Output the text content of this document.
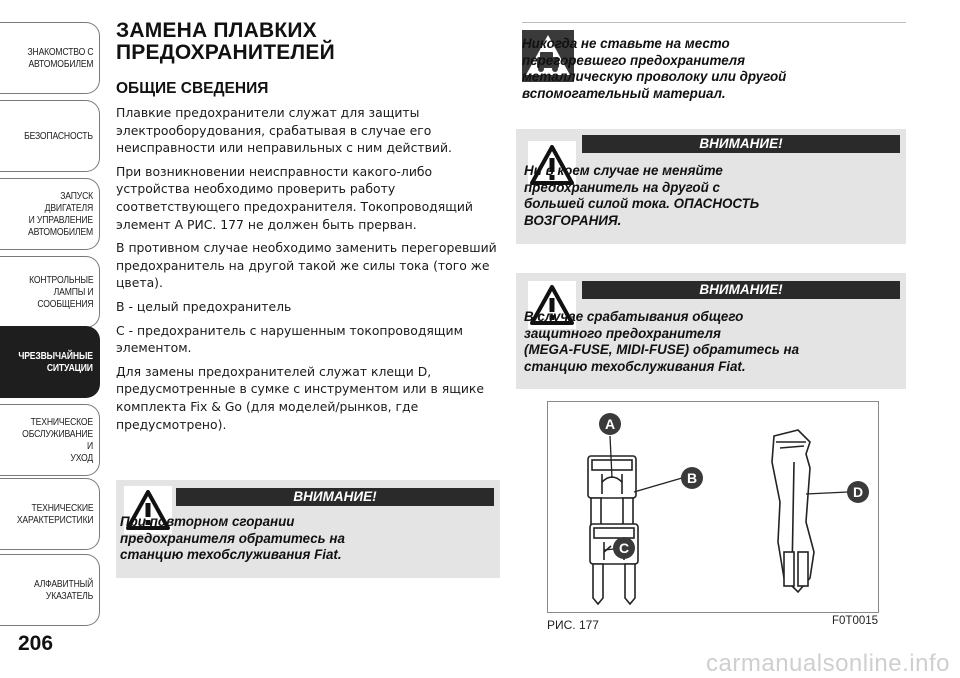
ЗНАКОМСТВО С
АВТОМОБИЛЕМ
БЕЗОПАСНОСТЬ
ЗАПУСК ДВИГАТЕЛЯ
И УПРАВЛЕНИЕ
АВТОМОБИЛЕМ
КОНТРОЛЬНЫЕ
ЛАМПЫ И
СООБЩЕНИЯ
ЧРЕЗВЫЧАЙНЫЕ
СИТУАЦИИ
ТЕХНИЧЕСКОЕ
ОБСЛУЖИВАНИЕ И
УХОД
ТЕХНИЧЕСКИЕ
ХАРАКТЕРИСТИКИ
АЛФАВИТНЫЙ
УКАЗАТЕЛЬ
206
ЗАМЕНА ПЛАВКИХ
ПРЕДОХРАНИТЕЛЕЙ
ОБЩИЕ СВЕДЕНИЯ

Плавкие предохранители служат для защиты электрооборудования, срабатывая в случае его неисправности или неправильных с ним действий.

При возникновении неисправности какого-либо устройства необходимо проверить работу соответствующего предохранителя. Токопроводящий элемент A РИС. 177 не должен быть прерван.

В противном случае необходимо заменить перегоревший предохранитель на другой такой же силы тока (того же цвета).

B - целый предохранитель

C - предохранитель с нарушенным токопроводящим элементом.

Для замены предохранителей служат клещи D, предусмотренные в сумке с инструментом или в ящике комплекта Fix & Go (для моделей/рынков, где предусмотрено).

ВНИМАНИЕ!
При повторном сгорании
предохранителя обратитесь на
станцию техобслуживания Fiat.
Никогда не ставьте на место
перегоревшего предохранителя
металлическую проволоку или другой
вспомогательный материал.
ВНИМАНИЕ!
Ни в коем случае не меняйте
предохранитель на другой с
большей силой тока. ОПАСНОСТЬ
ВОЗГОРАНИЯ.
ВНИМАНИЕ!
В случае срабатывания общего
защитного предохранителя
(MEGA-FUSE, MIDI-FUSE) обратитесь на
станцию техобслуживания Fiat.
A
B
C
D
РИС. 177	F0T0015
carmanualsonline.info
